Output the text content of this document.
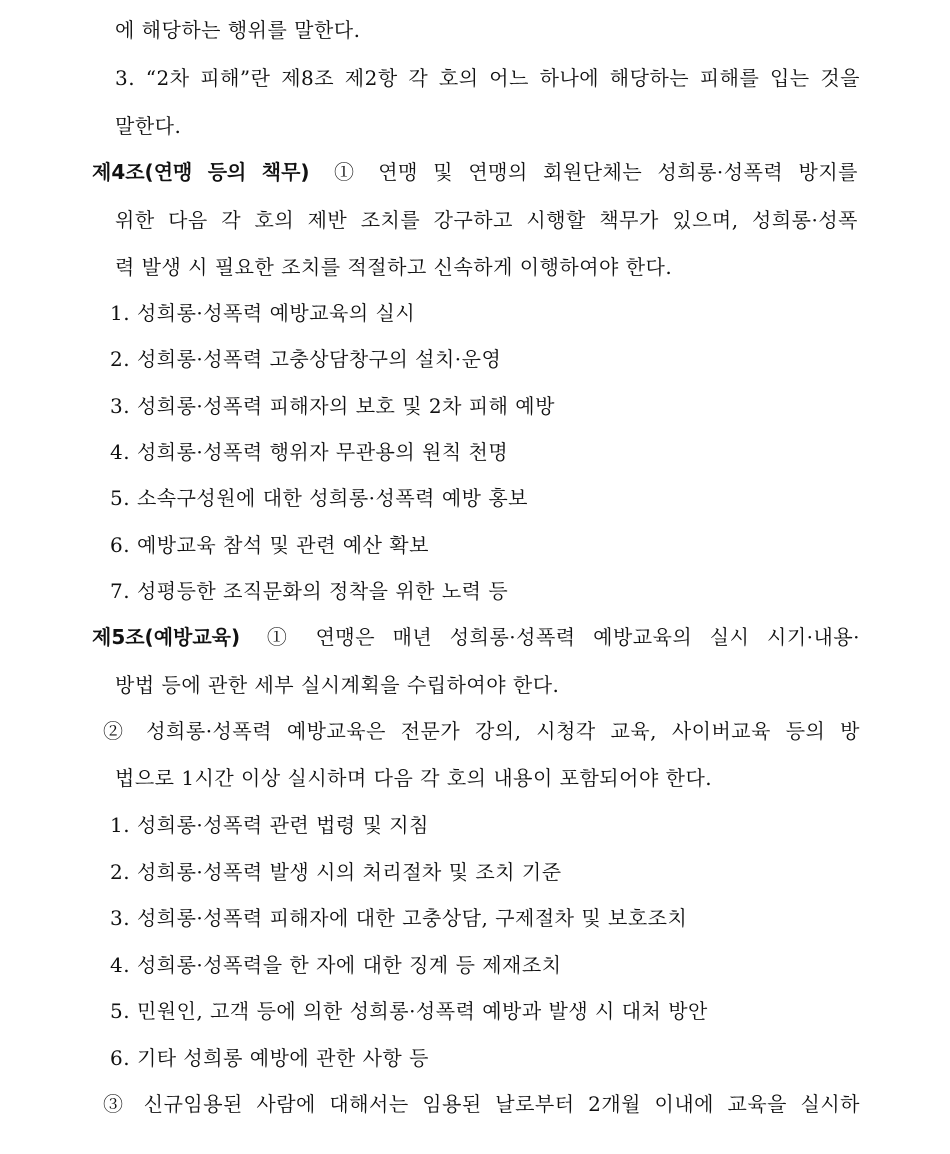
에 해당하는 행위를 말한다.
3. “2차 피해”란 제8조 제2항 각 호의 어느 하나에 해당하는 피해를 입는 것을
말한다.
제4조(연맹 등의 책무) ① 연맹 및 연맹의 회원단체는 성희롱·성폭력 방지를
위한 다음 각 호의 제반 조치를 강구하고 시행할 책무가 있으며, 성희롱·성폭
력 발생 시 필요한 조치를 적절하고 신속하게 이행하여야 한다.
1. 성희롱·성폭력 예방교육의 실시
2. 성희롱·성폭력 고충상담창구의 설치·운영
3. 성희롱·성폭력 피해자의 보호 및 2차 피해 예방
4. 성희롱·성폭력 행위자 무관용의 원칙 천명
5. 소속구성원에 대한 성희롱·성폭력 예방 홍보
6. 예방교육 참석 및 관련 예산 확보
7. 성평등한 조직문화의 정착을 위한 노력 등
제5조(예방교육) ① 연맹은 매년 성희롱·성폭력 예방교육의 실시 시기·내용·
방법 등에 관한 세부 실시계획을 수립하여야 한다.
② 성희롱·성폭력 예방교육은 전문가 강의, 시청각 교육, 사이버교육 등의 방
법으로 1시간 이상 실시하며 다음 각 호의 내용이 포함되어야 한다.
1. 성희롱·성폭력 관련 법령 및 지침
2. 성희롱·성폭력 발생 시의 처리절차 및 조치 기준
3. 성희롱·성폭력 피해자에 대한 고충상담, 구제절차 및 보호조치
4. 성희롱·성폭력을 한 자에 대한 징계 등 제재조치
5. 민원인, 고객 등에 의한 성희롱·성폭력 예방과 발생 시 대처 방안
6. 기타 성희롱 예방에 관한 사항 등
③ 신규임용된 사람에 대해서는 임용된 날로부터 2개월 이내에 교육을 실시하
